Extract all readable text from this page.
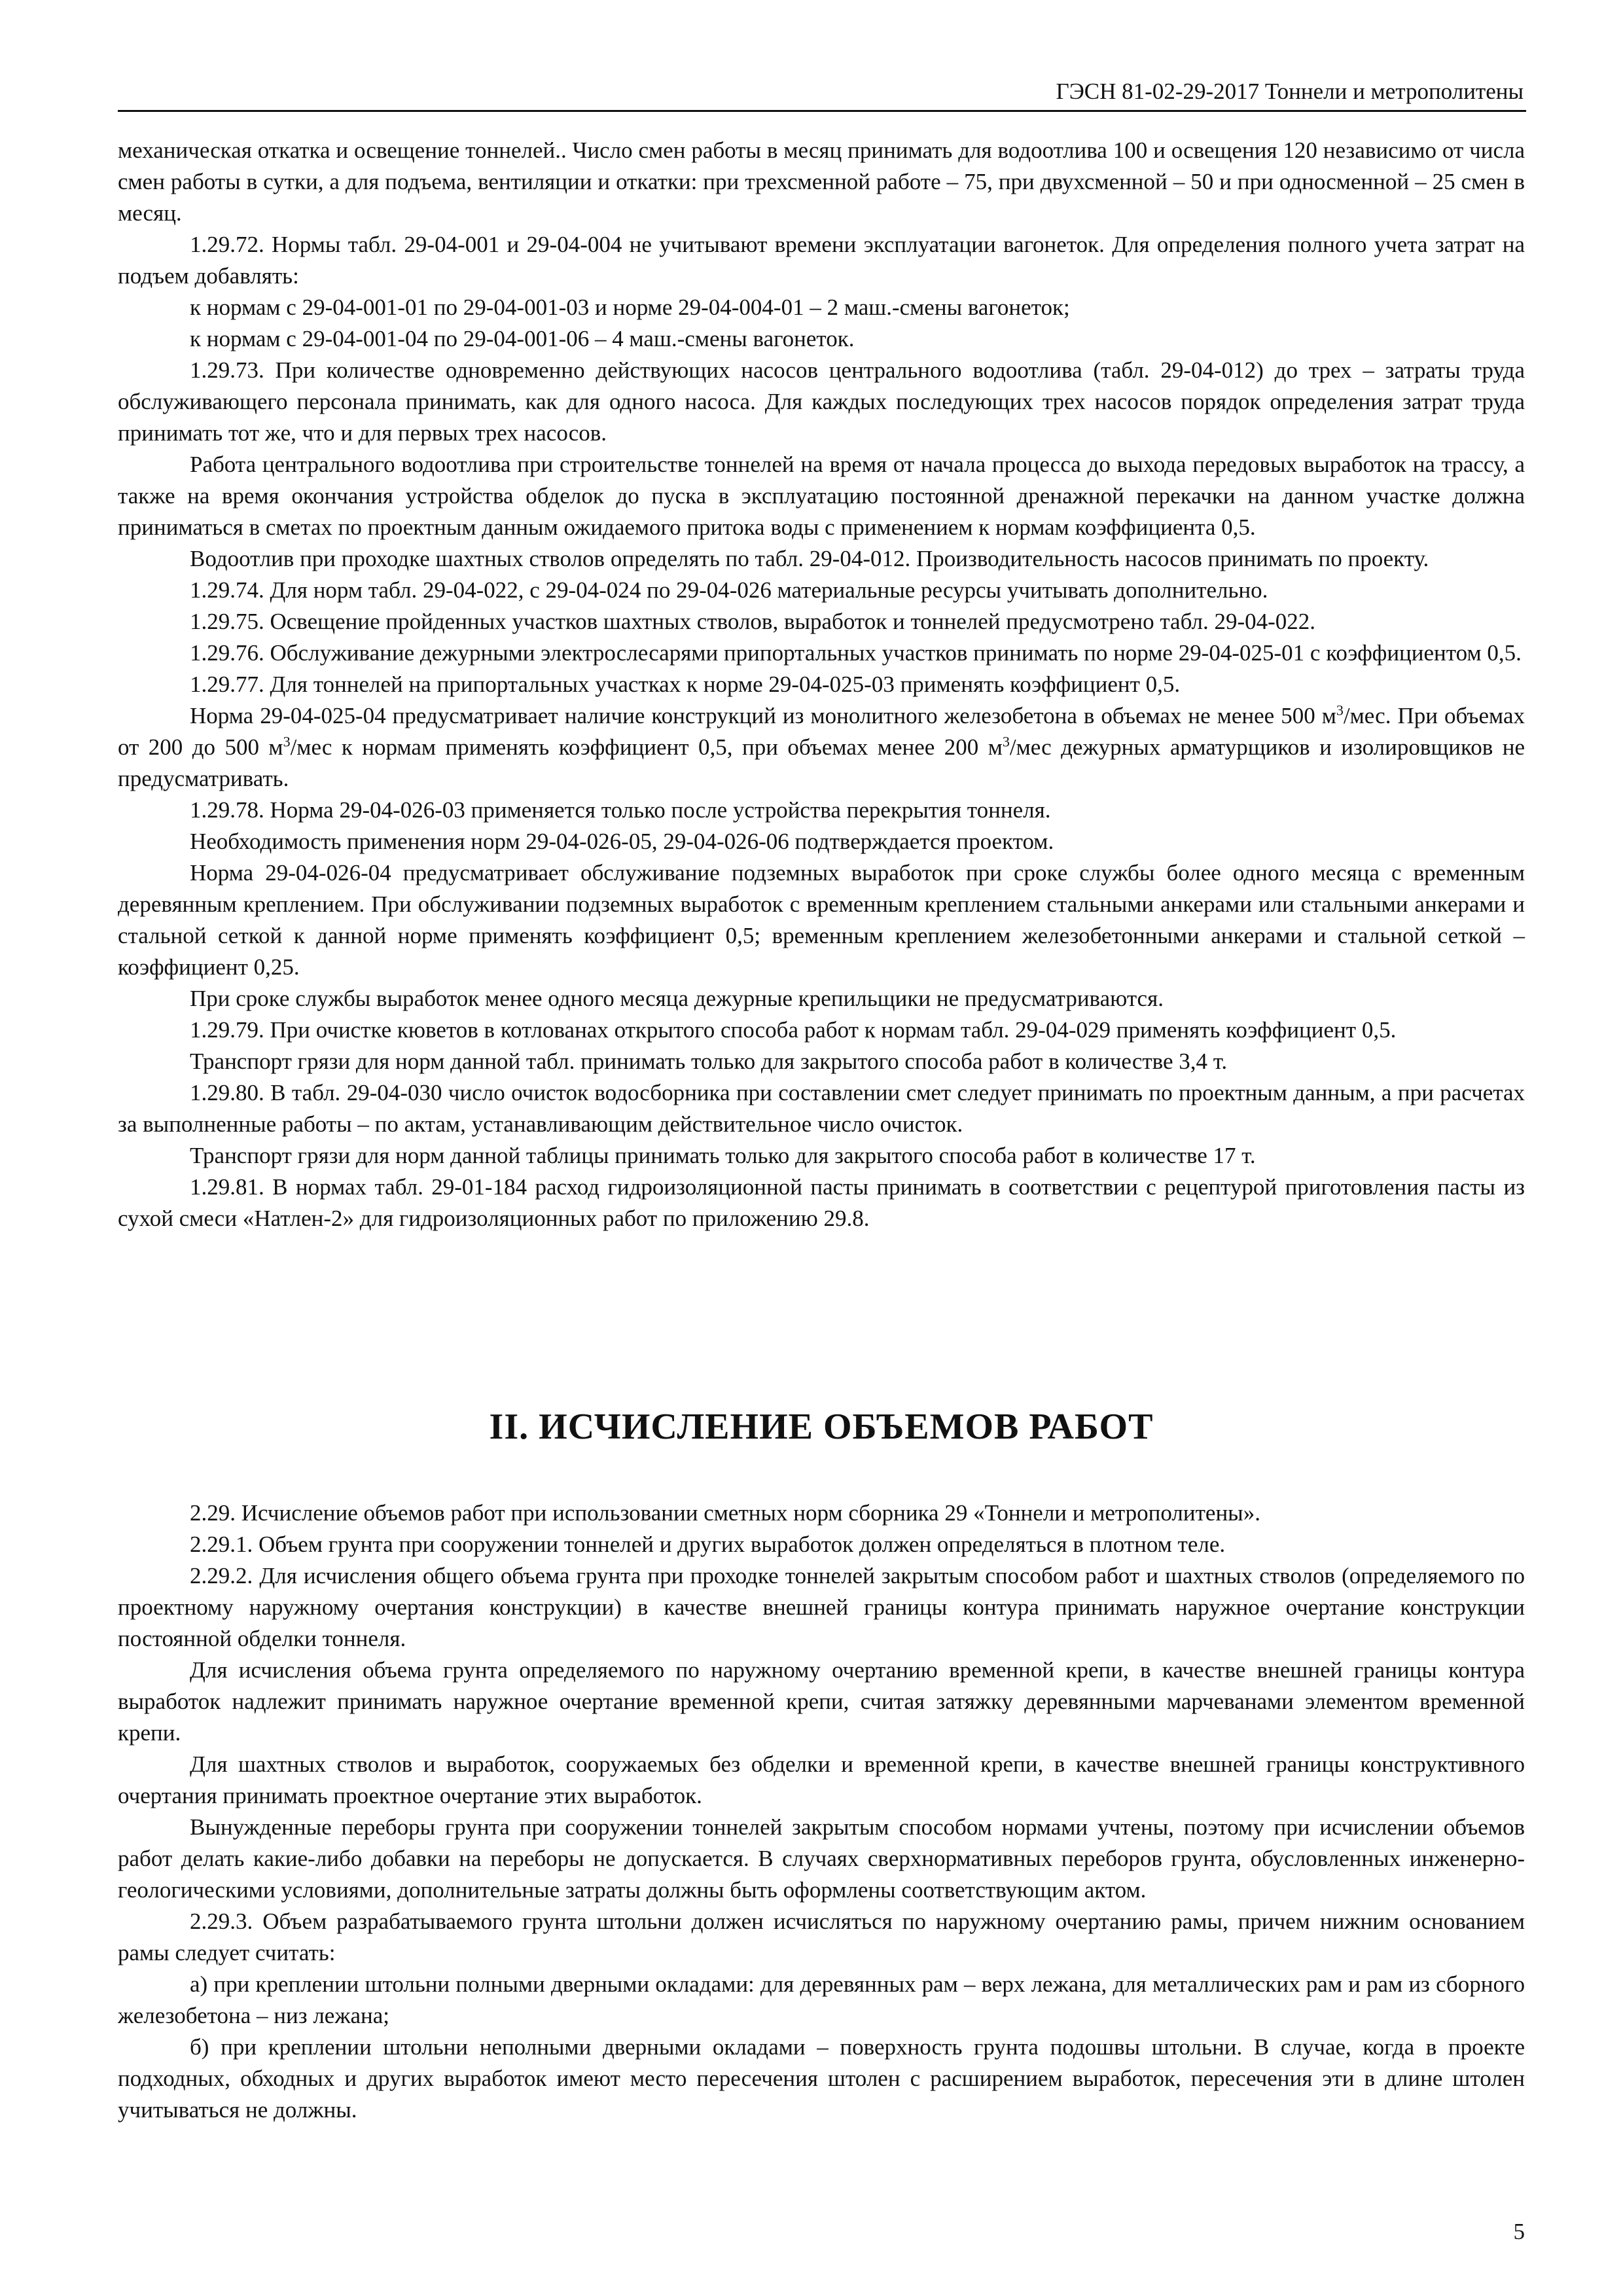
ГЭСН 81-02-29-2017 Тоннели и метрополитены

механическая откатка и освещение тоннелей.. Число смен работы в месяц принимать для водоотлива 100 и освещения 120 независимо от числа смен работы в сутки, а для подъема, вентиляции и откатки: при трехсменной работе – 75, при двухсменной – 50 и при односменной – 25 смен в месяц.

1.29.72. Нормы табл. 29-04-001 и 29-04-004 не учитывают времени эксплуатации вагонеток. Для определения полного учета затрат на подъем добавлять:

к нормам с 29-04-001-01 по 29-04-001-03 и норме 29-04-004-01 – 2 маш.-смены вагонеток;

к нормам с 29-04-001-04 по 29-04-001-06 – 4 маш.-смены вагонеток.

1.29.73. При количестве одновременно действующих насосов центрального водоотлива (табл. 29-04-012) до трех – затраты труда обслуживающего персонала принимать, как для одного насоса. Для каждых последующих трех насосов порядок определения затрат труда принимать тот же, что и для первых трех насосов.

Работа центрального водоотлива при строительстве тоннелей на время от начала процесса до выхода передовых выработок на трассу, а также на время окончания устройства обделок до пуска в эксплуатацию постоянной дренажной перекачки на данном участке должна приниматься в сметах по проектным данным ожидаемого притока воды с применением к нормам коэффициента 0,5.

Водоотлив при проходке шахтных стволов определять по табл. 29-04-012. Производительность насосов принимать по проекту.

1.29.74. Для норм табл. 29-04-022, с 29-04-024 по 29-04-026 материальные ресурсы учитывать дополнительно.

1.29.75. Освещение пройденных участков шахтных стволов, выработок и тоннелей предусмотрено табл. 29-04-022.

1.29.76. Обслуживание дежурными электрослесарями припортальных участков принимать по норме 29-04-025-01 с коэффициентом 0,5.

1.29.77. Для тоннелей на припортальных участках к норме 29-04-025-03 применять коэффициент 0,5.

Норма 29-04-025-04 предусматривает наличие конструкций из монолитного железобетона в объемах не менее 500 $м^3$/мес. При объемах от 200 до 500 $м^3$/мес к нормам применять коэффициент 0,5, при объемах менее 200 $м^3$/мес дежурных арматурщиков и изолировщиков не предусматривать.

1.29.78. Норма 29-04-026-03 применяется только после устройства перекрытия тоннеля.

Необходимость применения норм 29-04-026-05, 29-04-026-06 подтверждается проектом.

Норма 29-04-026-04 предусматривает обслуживание подземных выработок при сроке службы более одного месяца с временным деревянным креплением. При обслуживании подземных выработок с временным креплением стальными анкерами или стальными анкерами и стальной сеткой к данной норме применять коэффициент 0,5; временным креплением железобетонными анкерами и стальной сеткой – коэффициент 0,25.

При сроке службы выработок менее одного месяца дежурные крепильщики не предусматриваются.

1.29.79. При очистке кюветов в котлованах открытого способа работ к нормам табл. 29-04-029 применять коэффициент 0,5.

Транспорт грязи для норм данной табл. принимать только для закрытого способа работ в количестве 3,4 т.

1.29.80. В табл. 29-04-030 число очисток водосборника при составлении смет следует принимать по проектным данным, а при расчетах за выполненные работы – по актам, устанавливающим действительное число очисток.

Транспорт грязи для норм данной таблицы принимать только для закрытого способа работ в количестве 17 т.

1.29.81. В нормах табл. 29-01-184 расход гидроизоляционной пасты принимать в соответствии с рецептурой приготовления пасты из сухой смеси «Натлен-2» для гидроизоляционных работ по приложению 29.8.

II. ИСЧИСЛЕНИЕ ОБЪЕМОВ РАБОТ

2.29. Исчисление объемов работ при использовании сметных норм сборника 29 «Тоннели и метрополитены».

2.29.1. Объем грунта при сооружении тоннелей и других выработок должен определяться в плотном теле.

2.29.2. Для исчисления общего объема грунта при проходке тоннелей закрытым способом работ и шахтных стволов (определяемого по проектному наружному очертания конструкции) в качестве внешней границы контура принимать наружное очертание конструкции постоянной обделки тоннеля.

Для исчисления объема грунта определяемого по наружному очертанию временной крепи, в качестве внешней границы контура выработок надлежит принимать наружное очертание временной крепи, считая затяжку деревянными марчеванами элементом временной крепи.

Для шахтных стволов и выработок, сооружаемых без обделки и временной крепи, в качестве внешней границы конструктивного очертания принимать проектное очертание этих выработок.

Вынужденные переборы грунта при сооружении тоннелей закрытым способом нормами учтены, поэтому при исчислении объемов работ делать какие-либо добавки на переборы не допускается. В случаях сверхнормативных переборов грунта, обусловленных инженерно-геологическими условиями, дополнительные затраты должны быть оформлены соответствующим актом.

2.29.3. Объем разрабатываемого грунта штольни должен исчисляться по наружному очертанию рамы, причем нижним основанием рамы следует считать:

а) при креплении штольни полными дверными окладами: для деревянных рам – верх лежана, для металлических рам и рам из сборного железобетона – низ лежана;

б) при креплении штольни неполными дверными окладами – поверхность грунта подошвы штольни. В случае, когда в проекте подходных, обходных и других выработок имеют место пересечения штолен с расширением выработок, пересечения эти в длине штолен учитываться не должны.

5
